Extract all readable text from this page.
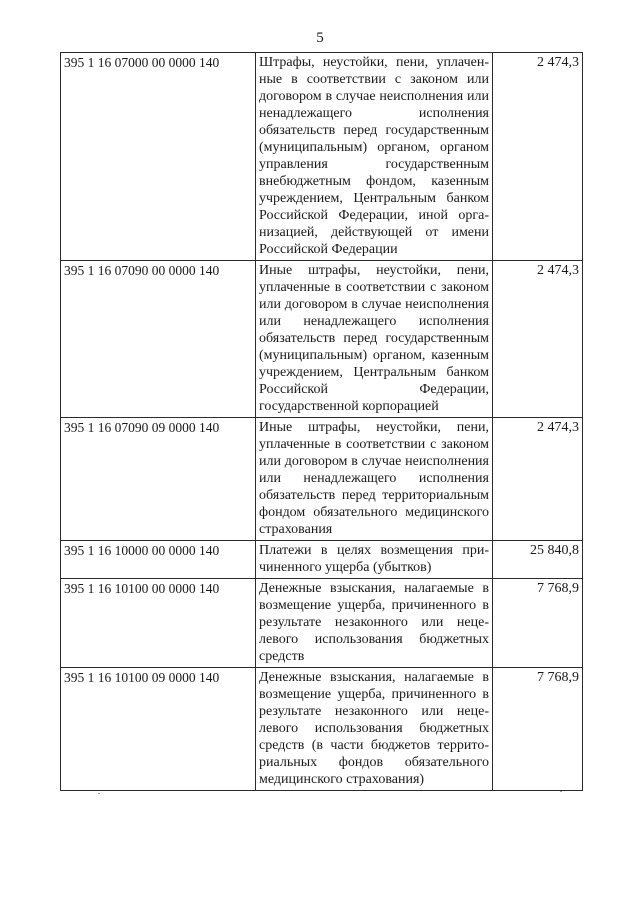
5
395 1 16 07000 00 0000 140	Штрафы, неустойки, пени, уплаченные в соответствии с законом или договором в случае неисполнения или ненадлежащего исполнения обязательств перед государственным (муниципальным) органом, органом управления государственным внебюджетным фондом, казенным учреждением, Центральным банком Российской Федерации, иной организацией, действующей от имени Российской Федерации	2 474,3
395 1 16 07090 00 0000 140	Иные штрафы, неустойки, пени, уплаченные в соответствии с законом или договором в случае неисполнения или ненадлежащего исполнения обязательств перед государственным (муниципальным) органом, казенным учреждением, Центральным банком Российской Федерации, государственной корпорацией	2 474,3
395 1 16 07090 09 0000 140	Иные штрафы, неустойки, пени, уплаченные в соответствии с законом или договором в случае неисполнения или ненадлежащего исполнения обязательств перед территориальным фондом обязательного медицинского страхования	2 474,3
395 1 16 10000 00 0000 140	Платежи в целях возмещения причиненного ущерба (убытков)	25 840,8
395 1 16 10100 00 0000 140	Денежные взыскания, налагаемые в возмещение ущерба, причиненного в результате незаконного или нецелевого использования бюджетных средств	7 768,9
395 1 16 10100 09 0000 140	Денежные взыскания, налагаемые в возмещение ущерба, причиненного в результате незаконного или нецелевого использования бюджетных средств (в части бюджетов территориальных фондов обязательного медицинского страхования)	7 768,9
